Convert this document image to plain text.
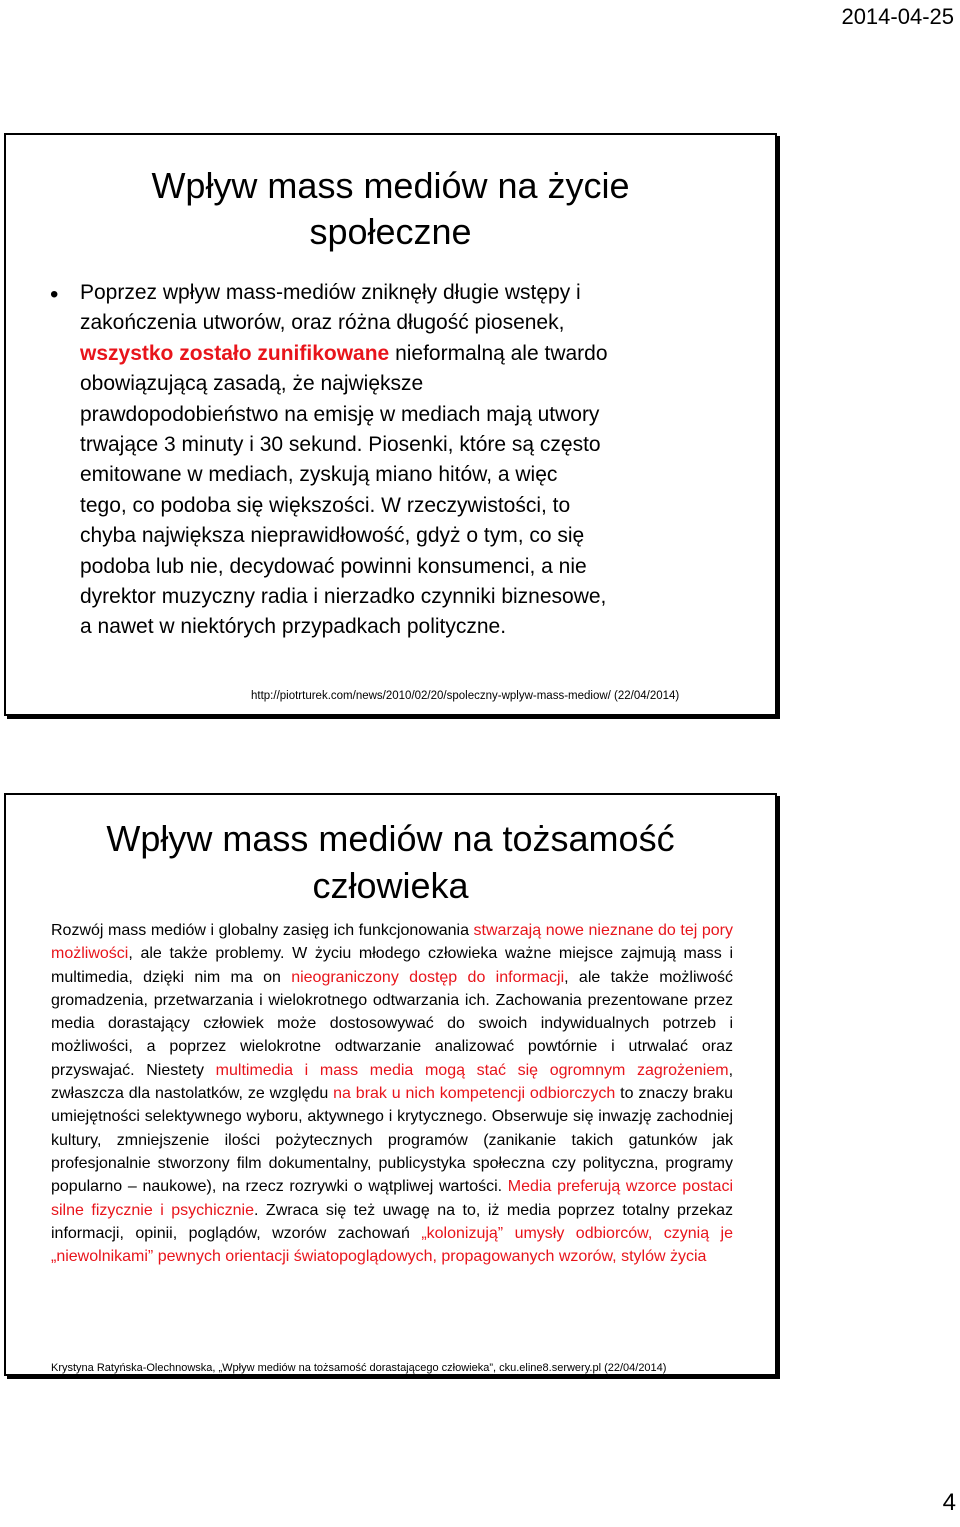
2014-04-25
Wpływ mass mediów na życie
społeczne
• Poprzez wpływ mass-mediów zniknęły długie wstępy i
zakończenia utworów, oraz różna długość piosenek,
wszystko zostało zunifikowane nieformalną ale twardo
obowiązującą zasadą, że największe
prawdopodobieństwo na emisję w mediach mają utwory
trwające 3 minuty i 30 sekund. Piosenki, które są często
emitowane w mediach, zyskują miano hitów, a więc
tego, co podoba się większości. W rzeczywistości, to
chyba największa nieprawidłowość, gdyż o tym, co się
podoba lub nie, decydować powinni konsumenci, a nie
dyrektor muzyczny radia i nierzadko czynniki biznesowe,
a nawet w niektórych przypadkach polityczne.
http://piotrturek.com/news/2010/02/20/spoleczny-wplyw-mass-mediow/ (22/04/2014)
Wpływ mass mediów na tożsamość
człowieka
Rozwój mass mediów i globalny zasięg ich funkcjonowania stwarzają nowe nieznane do tej pory możliwości, ale także problemy. W życiu młodego człowieka ważne miejsce zajmują mass i multimedia, dzięki nim ma on nieograniczony dostęp do informacji, ale także możliwość gromadzenia, przetwarzania i wielokrotnego odtwarzania ich. Zachowania prezentowane przez media dorastający człowiek może dostosowywać do swoich indywidualnych potrzeb i możliwości, a poprzez wielokrotne odtwarzanie analizować powtórnie i utrwalać oraz przyswajać. Niestety multimedia i mass media mogą stać się ogromnym zagrożeniem, zwłaszcza dla nastolatków, ze względu na brak u nich kompetencji odbiorczych to znaczy braku umiejętności selektywnego wyboru, aktywnego i krytycznego. Obserwuje się inwazję zachodniej kultury, zmniejszenie ilości pożytecznych programów (zanikanie takich gatunków jak profesjonalnie stworzony film dokumentalny, publicystyka społeczna czy polityczna, programy popularno – naukowe), na rzecz rozrywki o wątpliwej wartości. Media preferują wzorce postaci silne fizycznie i psychicznie. Zwraca się też uwagę na to, iż media poprzez totalny przekaz informacji, opinii, poglądów, wzorów zachowań „kolonizują” umysły odbiorców, czynią je „niewolnikami” pewnych orientacji światopoglądowych, propagowanych wzorów, stylów życia
Krystyna Ratyńska-Olechnowska, „Wpływ mediów na tożsamość dorastającego człowieka”, cku.eline8.serwery.pl (22/04/2014)
4
